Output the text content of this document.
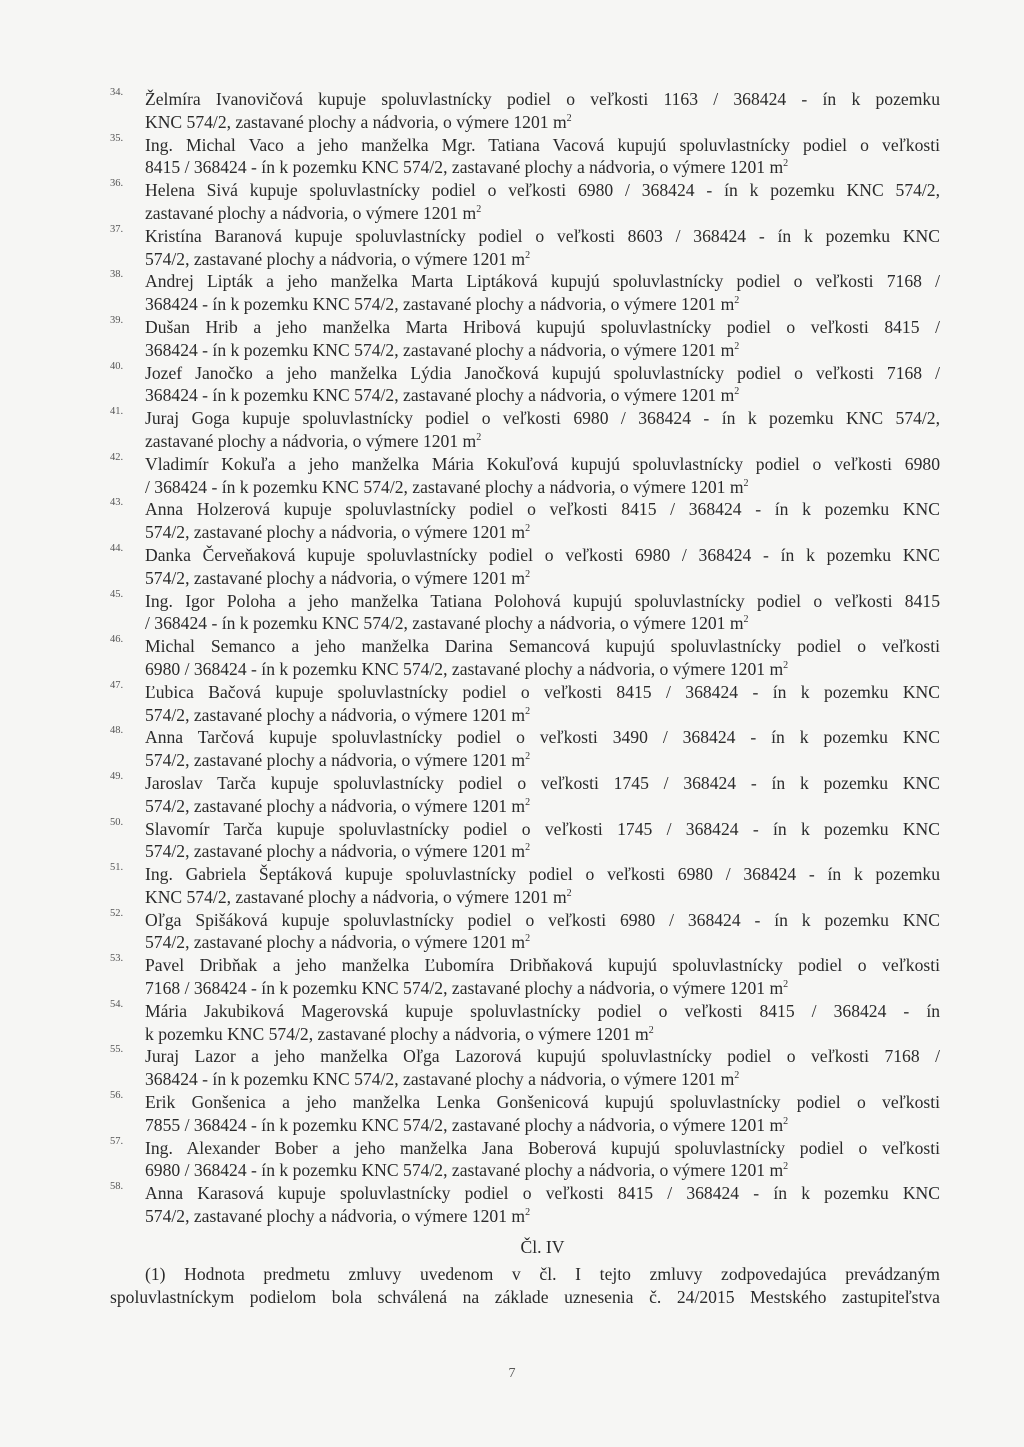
34. Želmíra Ivanovičová kupuje spoluvlastnícky podiel o veľkosti 1163 / 368424 - ín k pozemku
KNC 574/2, zastavané plochy a nádvoria, o výmere 1201 $m^2$
35. Ing. Michal Vaco a jeho manželka Mgr. Tatiana Vacová kupujú spoluvlastnícky podiel o veľkosti
8415 / 368424 - ín k pozemku KNC 574/2, zastavané plochy a nádvoria, o výmere 1201 $m^2$
36. Helena Sivá kupuje spoluvlastnícky podiel o veľkosti 6980 / 368424 - ín k pozemku KNC 574/2,
zastavané plochy a nádvoria, o výmere 1201 $m^2$
37. Kristína Baranová kupuje spoluvlastnícky podiel o veľkosti 8603 / 368424 - ín k pozemku KNC
574/2, zastavané plochy a nádvoria, o výmere 1201 $m^2$
38. Andrej Lipták a jeho manželka Marta Liptáková kupujú spoluvlastnícky podiel o veľkosti 7168 /
368424 - ín k pozemku KNC 574/2, zastavané plochy a nádvoria, o výmere 1201 $m^2$
39. Dušan Hrib a jeho manželka Marta Hribová kupujú spoluvlastnícky podiel o veľkosti 8415 /
368424 - ín k pozemku KNC 574/2, zastavané plochy a nádvoria, o výmere 1201 $m^2$
40. Jozef Janočko a jeho manželka Lýdia Janočková kupujú spoluvlastnícky podiel o veľkosti 7168 /
368424 - ín k pozemku KNC 574/2, zastavané plochy a nádvoria, o výmere 1201 $m^2$
41. Juraj Goga kupuje spoluvlastnícky podiel o veľkosti 6980 / 368424 - ín k pozemku KNC 574/2,
zastavané plochy a nádvoria, o výmere 1201 $m^2$
42. Vladimír Kokuľa a jeho manželka Mária Kokuľová kupujú spoluvlastnícky podiel o veľkosti 6980
/ 368424 - ín k pozemku KNC 574/2, zastavané plochy a nádvoria, o výmere 1201 $m^2$
43. Anna Holzerová kupuje spoluvlastnícky podiel o veľkosti 8415 / 368424 - ín k pozemku KNC
574/2, zastavané plochy a nádvoria, o výmere 1201 $m^2$
44. Danka Červeňaková kupuje spoluvlastnícky podiel o veľkosti 6980 / 368424 - ín k pozemku KNC
574/2, zastavané plochy a nádvoria, o výmere 1201 $m^2$
45. Ing. Igor Poloha a jeho manželka Tatiana Polohová kupujú spoluvlastnícky podiel o veľkosti 8415
/ 368424 - ín k pozemku KNC 574/2, zastavané plochy a nádvoria, o výmere 1201 $m^2$
46. Michal Semanco a jeho manželka Darina Semancová kupujú spoluvlastnícky podiel o veľkosti
6980 / 368424 - ín k pozemku KNC 574/2, zastavané plochy a nádvoria, o výmere 1201 $m^2$
47. Ľubica Bačová kupuje spoluvlastnícky podiel o veľkosti 8415 / 368424 - ín k pozemku KNC
574/2, zastavané plochy a nádvoria, o výmere 1201 $m^2$
48. Anna Tarčová kupuje spoluvlastnícky podiel o veľkosti 3490 / 368424 - ín k pozemku KNC
574/2, zastavané plochy a nádvoria, o výmere 1201 $m^2$
49. Jaroslav Tarča kupuje spoluvlastnícky podiel o veľkosti 1745 / 368424 - ín k pozemku KNC
574/2, zastavané plochy a nádvoria, o výmere 1201 $m^2$
50. Slavomír Tarča kupuje spoluvlastnícky podiel o veľkosti 1745 / 368424 - ín k pozemku KNC
574/2, zastavané plochy a nádvoria, o výmere 1201 $m^2$
51. Ing. Gabriela Šeptáková kupuje spoluvlastnícky podiel o veľkosti 6980 / 368424 - ín k pozemku
KNC 574/2, zastavané plochy a nádvoria, o výmere 1201 $m^2$
52. Oľga Spišáková kupuje spoluvlastnícky podiel o veľkosti 6980 / 368424 - ín k pozemku KNC
574/2, zastavané plochy a nádvoria, o výmere 1201 $m^2$
53. Pavel Dribňak a jeho manželka Ľubomíra Dribňaková kupujú spoluvlastnícky podiel o veľkosti
7168 / 368424 - ín k pozemku KNC 574/2, zastavané plochy a nádvoria, o výmere 1201 $m^2$
54. Mária Jakubiková Magerovská kupuje spoluvlastnícky podiel o veľkosti 8415 / 368424 - ín
k pozemku KNC 574/2, zastavané plochy a nádvoria, o výmere 1201 $m^2$
55. Juraj Lazor a jeho manželka Oľga Lazorová kupujú spoluvlastnícky podiel o veľkosti 7168 /
368424 - ín k pozemku KNC 574/2, zastavané plochy a nádvoria, o výmere 1201 $m^2$
56. Erik Gonšenica a jeho manželka Lenka Gonšenicová kupujú spoluvlastnícky podiel o veľkosti
7855 / 368424 - ín k pozemku KNC 574/2, zastavané plochy a nádvoria, o výmere 1201 $m^2$
57. Ing. Alexander Bober a jeho manželka Jana Boberová kupujú spoluvlastnícky podiel o veľkosti
6980 / 368424 - ín k pozemku KNC 574/2, zastavané plochy a nádvoria, o výmere 1201 $m^2$
58. Anna Karasová kupuje spoluvlastnícky podiel o veľkosti 8415 / 368424 - ín k pozemku KNC
574/2, zastavané plochy a nádvoria, o výmere 1201 $m^2$
Čl. IV
(1) Hodnota predmetu zmluvy uvedenom v čl. I tejto zmluvy zodpovedajúca prevádzaným
spoluvlastníckym podielom bola schválená na základe uznesenia č. 24/2015 Mestského zastupiteľstva
7
